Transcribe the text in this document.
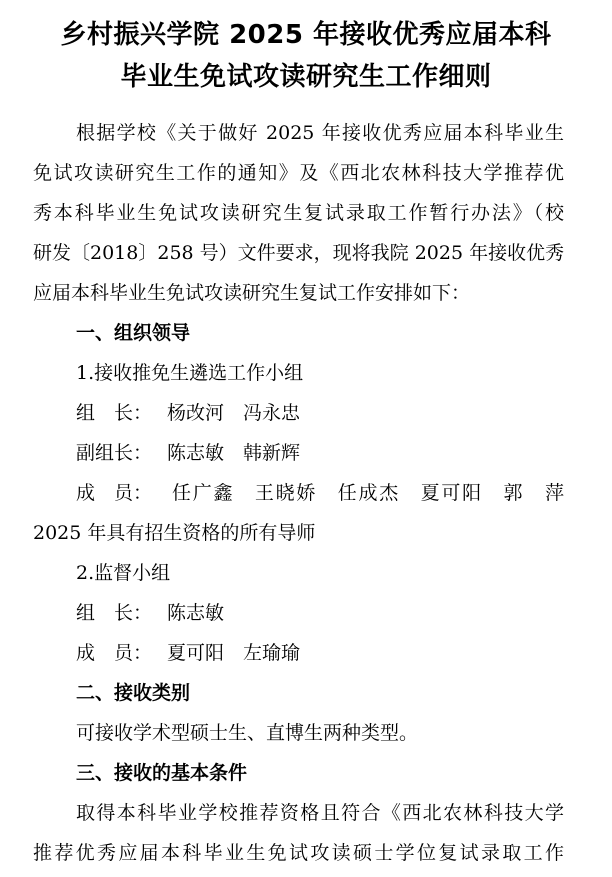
乡村振兴学院 2025 年接收优秀应届本科
毕业生免试攻读研究生工作细则
根据学校《关于做好 2025 年接收优秀应届本科毕业生
免试攻读研究生工作的通知》及《西北农林科技大学推荐优
秀本科毕业生免试攻读研究生复试录取工作暂行办法》（校
研发〔2018〕258 号）文件要求，现将我院 2025 年接收优秀
应届本科毕业生免试攻读研究生复试工作安排如下：
一、组织领导
1.接收推免生遴选工作小组
组　长： 杨改河　冯永忠
副组长： 陈志敏　韩新辉
成　员： 任广鑫　王晓娇　任成杰　夏可阳　郭　萍
2025 年具有招生资格的所有导师
2.监督小组
组　长： 陈志敏
成　员： 夏可阳　左瑜瑜
二、接收类别
可接收学术型硕士生、直博生两种类型。
三、接收的基本条件
取得本科毕业学校推荐资格且符合《西北农林科技大学
推荐优秀应届本科毕业生免试攻读硕士学位复试录取工作
